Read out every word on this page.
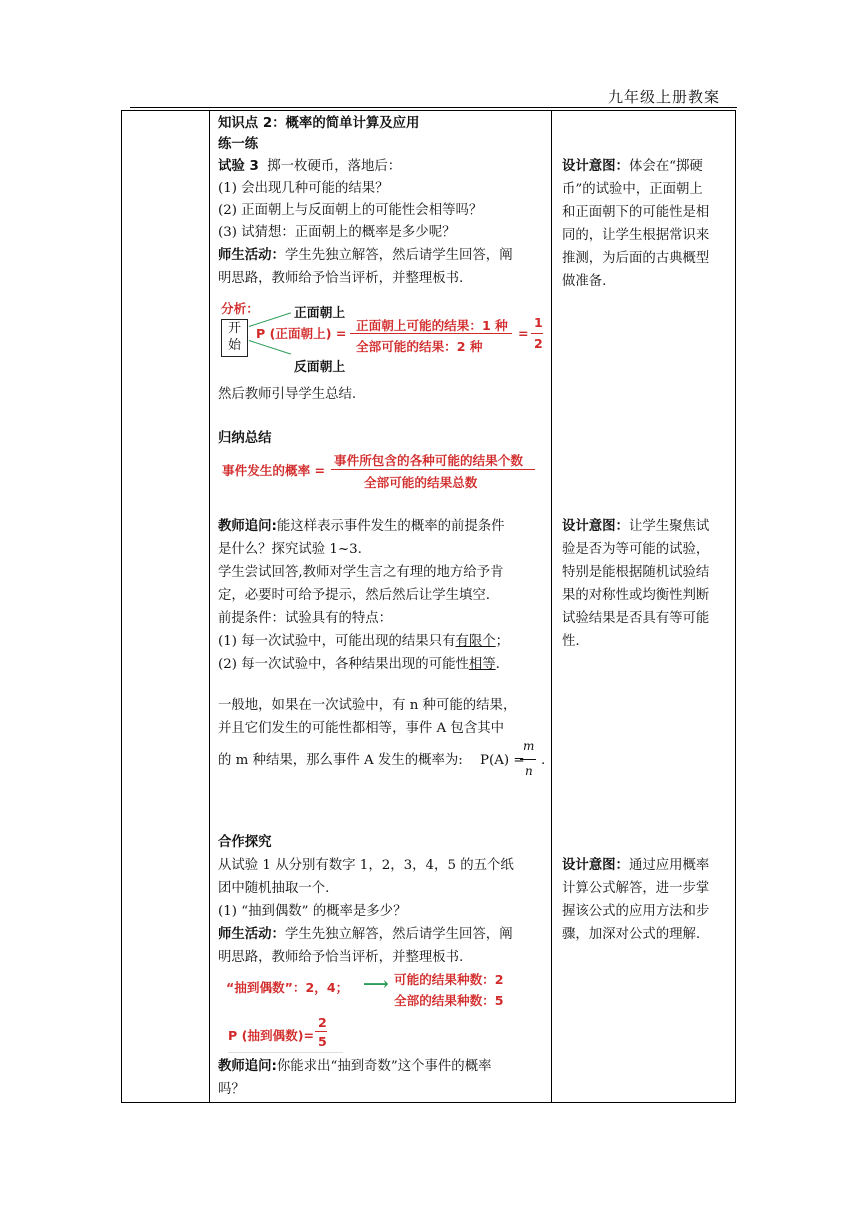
九年级上册教案
知识点 2：概率的简单计算及应用
练一练
试验 3 掷一枚硬币，落地后：
(1) 会出现几种可能的结果？
(2) 正面朝上与反面朝上的可能性会相等吗？
(3) 试猜想：正面朝上的概率是多少呢？
师生活动：学生先独立解答，然后请学生回答，阐
明思路，教师给予恰当评析，并整理板书.
分析：
开
始
正面朝上
反面朝上
P (正面朝上) =
正面朝上可能的结果：1 种
全部可能的结果：2 种
=
1
2
然后教师引导学生总结.
归纳总结
事件发生的概率 =
事件所包含的各种可能的结果个数
全部可能的结果总数
教师追问:能这样表示事件发生的概率的前提条件
是什么？探究试验 1~3.
学生尝试回答,教师对学生言之有理的地方给予肯
定，必要时可给予提示，然后然后让学生填空.
前提条件：试验具有的特点：
(1) 每一次试验中，可能出现的结果只有有限个；
(2) 每一次试验中，各种结果出现的可能性相等.
一般地，如果在一次试验中，有 n 种可能的结果，
并且它们发生的可能性都相等，事件 A 包含其中
的 m 种结果，那么事件 A 发生的概率为:	P(A) =
m
n
.
合作探究
从试验 1 从分别有数字 1，2，3，4，5 的五个纸
团中随机抽取一个.
(1) “抽到偶数” 的概率是多少？
师生活动：学生先独立解答，然后请学生回答，阐
明思路，教师给予恰当评析，并整理板书.
“抽到偶数”：2，4； ⟶ 可能的结果种数：2
全部的结果种数：5
P (抽到偶数)=
2
5
教师追问:你能求出“抽到奇数”这个事件的概率
吗？
设计意图：体会在“掷硬
币”的试验中，正面朝上
和正面朝下的可能性是相
同的，让学生根据常识来
推测，为后面的古典概型
做准备.
设计意图：让学生聚焦试
验是否为等可能的试验，
特别是能根据随机试验结
果的对称性或均衡性判断
试验结果是否具有等可能
性.
设计意图：通过应用概率
计算公式解答，进一步掌
握该公式的应用方法和步
骤，加深对公式的理解.
